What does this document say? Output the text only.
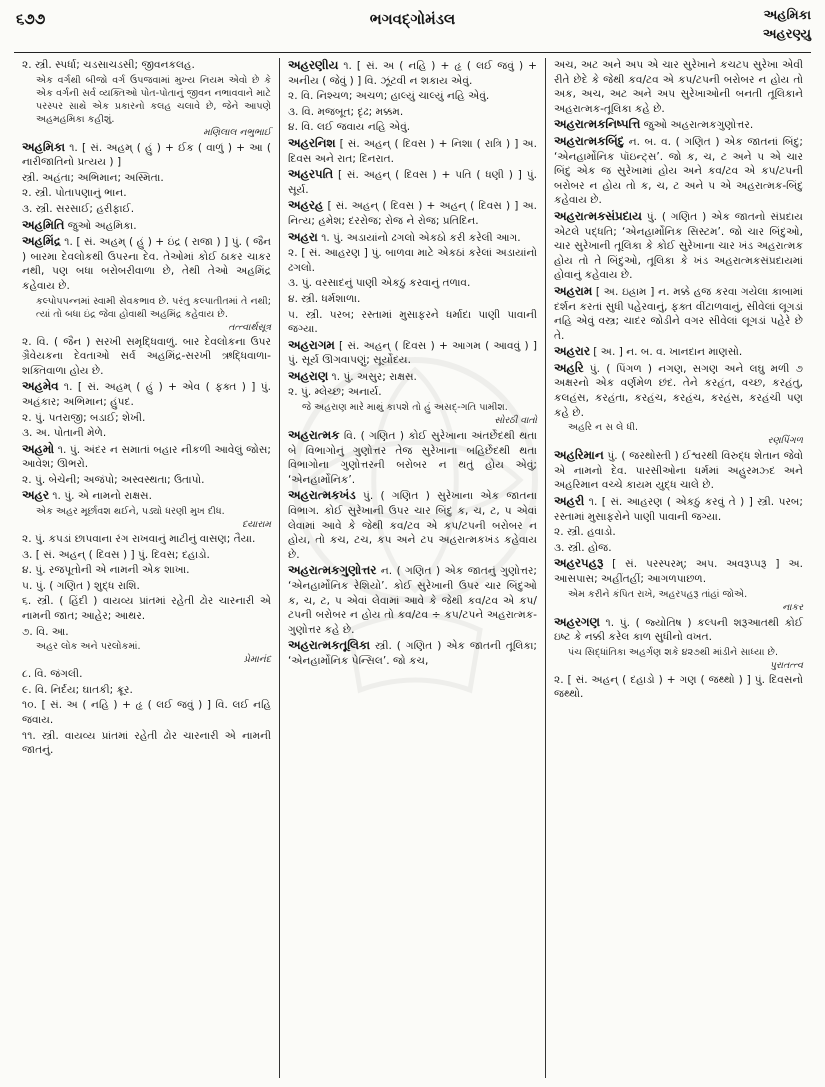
૬૭૭	ભગવદ્ગોમંડલ	અહમિકા
અહરણ્યુ
૨. સ્ત્રી. સ્પર્ધા; ચડસાચડસી; જીવનકલહ.
એક વર્ગથી બીજો વર્ગ ઉપજવામાં મુખ્ય નિયમ એવો છે કે એક વર્ગની સર્વ વ્યક્તિઓ પોત-પોતાનું જીવન નભાવવાને માટે પરસ્પર સાથે એક પ્રકારનો કલહ ચલાવે છે, જેને આપણે અહમહમિકા કહીશું.
મણિલાલ નભુભાઈ
અહમિકા ૧. [ સં. અહમ્ ( હું ) + ઈક ( વાળું ) + આ ( નારીજાતિનો પ્રત્યય ) ]
સ્ત્રી. અહંતા; અભિમાન; અસ્મિતા.
૨. સ્ત્રી. પોતાપણાનું ભાન.
૩. સ્ત્રી. સરસાઈ; હરીફાઈ.
અહમિતિ જુઓ અહમિકા.
અહમિંદ્ર ૧. [ સં. અહમ્ ( હું ) + ઇંદ્ર ( રાજા ) ] પું. ( જૈન ) બારમા દેવલોકથી ઉપરના દેવ. તેઓમાં કોઈ ઠાકર ચાકર નથી, પણ બધા બરોબરીવાળા છે, તેથી તેઓ અહમિંદ્ર કહેવાય છે.
કલ્પોપપન્નમાં સ્વામી સેવકભાવ છે. પરંતુ કલ્પાતીતમાં તે નથી; ત્યાં તો બધા ઇંદ્ર જેવા હોવાથી અહમિંદ્ર કહેવાય છે.
તત્ત્વાર્થસૂત્ર
૨. વિ. ( જૈન ) સરખી સમૃદ્ધિવાળું. બાર દેવલોકના ઉપર ગ્રૈવેયકના દેવતાઓ સર્વ અહમિંદ્ર-સરખી ઋદ્ધિવાળા-શક્તિવાળા હોય છે.
અહમેવ ૧. [ સં. અહમ્ ( હું ) + એવ ( ફક્ત ) ] પું. અહંકાર; અભિમાન; હુંપદ.
૨. પું. પતરાજી; બડાઈ; શેખી.
૩. અ. પોતાની મેળે.
અહમો ૧. પું. અંદર ન સમાતાં બહાર નીકળી આવેલું જોસ; આવેશ; ઊભરો.
૨. પું. બેચેની; અજંપો; અસ્વસ્થતા; ઉતાપો.
અહર ૧. પું. એ નામનો રાક્ષસ.
એક અહર મૂર્છાવશ થઈને, પડ્યો ધરણી મુખ દીધ.
દયારામ
૨. પું. કપડાં છાપવાના રંગ રાખવાનું માટીનું વાસણ; તૈયા.
૩. [ સં. અહન્ ( દિવસ ) ] પું. દિવસ; દહાડો.
૪. પું. રજપૂતોની એ નામની એક શાખા.
૫. પું. ( ગણિત ) શુદ્ધ રાશિ.
૬. સ્ત્રી. ( હિંદી ) વાયવ્ય પ્રાંતમાં રહેતી ઢોર ચારનારી એ નામની જાત; આહેર; આથર.
૭. વિ. આ.
અહર લોક અને પરલોકમાં.
પ્રેમાનંદ
૮. વિ. જંગલી.
૯. વિ. નિર્દય; ઘાતકી; ક્રૂર.
૧૦. [ સં. અ ( નહિ ) + હૃ ( લઈ જવું ) ] વિ. લઈ નહિ જવાય.
૧૧. સ્ત્રી. વાયવ્ય પ્રાંતમાં રહેતી ઢોર ચારનારી એ નામની જાતનું.
અહરણીય ૧. [ સં. અ ( નહિ ) + હૃ ( લઈ જવું ) + અનીય ( જેવું ) ] વિ. ઝૂંટવી ન શકાય એવું.
૨. વિ. નિશ્ચળ; અચળ; હાલ્યું ચાલ્યું નહિ એવું.
૩. વિ. મજબૂત; દૃઢ; મક્કમ.
૪. વિ. લઈ જવાય નહિ એવું.
અહરનિશ [ સં. અહન્ ( દિવસ ) + નિશા ( રાત્રિ ) ] અ. દિવસ અને રાત; દિનરાત.
અહરપતિ [ સં. અહન્ ( દિવસ ) + પતિ ( ધણી ) ] પું. સૂર્ય.
અહરહ [ સં. અહન્ ( દિવસ ) + અહન્ ( દિવસ ) ] અ. નિત્ય; હમેશ; દરરોજ; રોજ ને રોજ; પ્રતિદિન.
અહરા ૧. પું. અડાયાંનો ઢગલો એકઠો કરી કરેલી આગ.
૨. [ સં. આહરણ ] પું. બાળવા માટે એકઠાં કરેલાં અડાયાંનો ઢગલો.
૩. પું. વરસાદનું પાણી એકઠું કરવાનું તળાવ.
૪. સ્ત્રી. ધર્મશાળા.
૫. સ્ત્રી. પરબ; રસ્તામાં મુસાફરને ધર્માદા પાણી પાવાની જગ્યા.
અહરાગમ [ સં. અહન્ ( દિવસ ) + આગમ ( આવવું ) ] પું. સૂર્ય ઊગવાપણું; સૂર્યોદય.
અહરાણ ૧. પું. અસુર; રાક્ષસ.
૨. પું. મ્લેચ્છ; અનાર્ય.
જે અહરાણ મારે માથું કાપશે તો હું અસદ્-ગતિ પામીશ.
સોરઠી વાતો
અહરાત્મક વિ. ( ગણિત ) કોઈ સુરેખાના અંતર્છેદથી થતા બે વિભાગોનું ગુણોત્તર તેજ સુરેખાના બહિર્છેદથી થતા વિભાગોના ગુણોત્તરની બરોબર ન થતું હોય એવું; ‘એનહાર્મોનિક’.
અહરાત્મકખંડ પું. ( ગણિત ) સુરેખાના એક જાતના વિભાગ. કોઈ સુરેખાની ઉપર ચાર બિંદુ ક, ચ, ટ, પ એવાં લેવામાં આવે કે જેથી કવ/ટવ એ કપ/ટપની બરોબર ન હોય, તો કચ, ટચ, કપ અને ટપ અહરાત્મકખંડ કહેવાય છે.
અહરાત્મકગુણોત્તર ન. ( ગણિત ) એક જાતનું ગુણોત્તર; ‘એનહાર્મોનિક રેશિયો’. કોઈ સુરેખાની ઉપર ચાર બિંદુઓ ક, ચ, ટ, પ એવાં લેવામાં આવે કે જેથી કવ/ટવ એ કપ/ટપની બરોબર ન હોય તો કવ/ટવ ÷ કપ/ટપને અહરાત્મક-ગુણોત્તર કહે છે.
અહરાત્મકતૂલિકા સ્ત્રી. ( ગણિત ) એક જાતની તૂલિકા; ‘એનહાર્મોનિક પેન્સિલ’. જો કચ,
અચ, અટ અને અપ એ ચાર સુરેખાને કચટપ સુરેખા એવી રીતે છેદે કે જેથી કવ/ટવ એ કપ/ટપની બરોબર ન હોય તો અક, અચ, અટ અને અપ સુરેખાઓની બનતી તૂલિકાને અહરાત્મક-તૂલિકા કહે છે.
અહરાત્મકનિષ્પત્તિ જુઓ અહરાત્મકગુણોત્તર.
અહરાત્મકબિંદુ ન. બ. વ. ( ગણિત ) એક જાતનાં બિંદુ; ‘એનહાર્મોનિક પૉઇન્ટ્સ’. જો ક, ચ, ટ અને પ એ ચાર બિંદુ એક જ સુરેખામાં હોય અને કવ/ટવ એ કપ/ટપની બરોબર ન હોય તો ક, ચ, ટ અને પ એ અહરાત્મક-બિંદુ કહેવાય છે.
અહરાત્મકસંપ્રદાય પું. ( ગણિત ) એક જાતનો સંપ્રદાય એટલે પદ્ધતિ; ‘એનહાર્મોનિક સિસ્ટમ’. જો ચાર બિંદુઓ, ચાર સુરેખાની તૂલિકા કે કોઈ સુરેખાના ચાર ખંડ અહરાત્મક હોય તો તે બિંદુઓ, તૂલિકા કે ખંડ અહરાત્મકસંપ્રદાયમાં હોવાનું કહેવાય છે.
અહરામ [ અ. ઇહ્રામ ] ન. મક્કે હજ કરવા ગયેલા કાબામાં દર્શન કરતાં સુધી પહેરવાનું, ફક્ત વીંટાળવાનું, સીવેલાં લૂગડાં નહિ એવું વસ્ત્ર; ચાદર જોડીને વગર સીવેલાં લૂગડાં પહેરે છે તે.
અહરાર [ અ. ] ન. બ. વ. ખાનદાન માણસો.
અહરિ પું. ( પિંગળ ) નગણ, સગણ અને લઘુ મળી ૭ અક્ષરનો એક વર્ણમેળ છંદ. તેને કરહંત, વચ્છ, કરહંતુ, કલહંસ, કરહંતા, કરહંચ, કરહંચ, કરહંસ, કરહંચી પણ કહે છે.
અહરિ ન સ લે ધી.
રણપિંગળ
અહરિમાન પું. ( જરથોસ્તી ) ઈશ્વરથી વિરુદ્ધ શેતાન જેવો એ નામનો દેવ. પારસીઓના ધર્મમાં અહુરમઝ્દ અને અહરિમાન વચ્ચે કાયમ યુદ્ધ ચાલે છે.
અહરી ૧. [ સં. આહરણ ( એકઠું કરવું તે ) ] સ્ત્રી. પરબ; રસ્તામાં મુસાફરોને પાણી પાવાની જગ્યા.
૨. સ્ત્રી. હવાડો.
૩. સ્ત્રી. હોજ.
અહરપહરૂ [ સં. પરસ્પરમ્; અપ. અવરૂપ્પરૂ ] અ. આસપાસ; અહીંતહીં; આગળપાછળ.
એમ કરીને કંપિત રાખે, અહરપહરૂ તાંહાં જોએ.
નાકર
અહરગણ ૧. પું. ( જ્યોતિષ ) કલ્પની શરૂઆતથી કોઈ ઇષ્ટ કે નક્કી કરેલ કાળ સુધીનો વખત.
પંચ સિદ્ધાંતિકા અહર્ગણ શકે ૪૨૭થી માંડીને સાધ્યા છે.
પુરાતત્ત્વ
૨. [ સં. અહન્ ( દહાડો ) + ગણ ( જથ્થો ) ] પું. દિવસનો જથ્થો.
